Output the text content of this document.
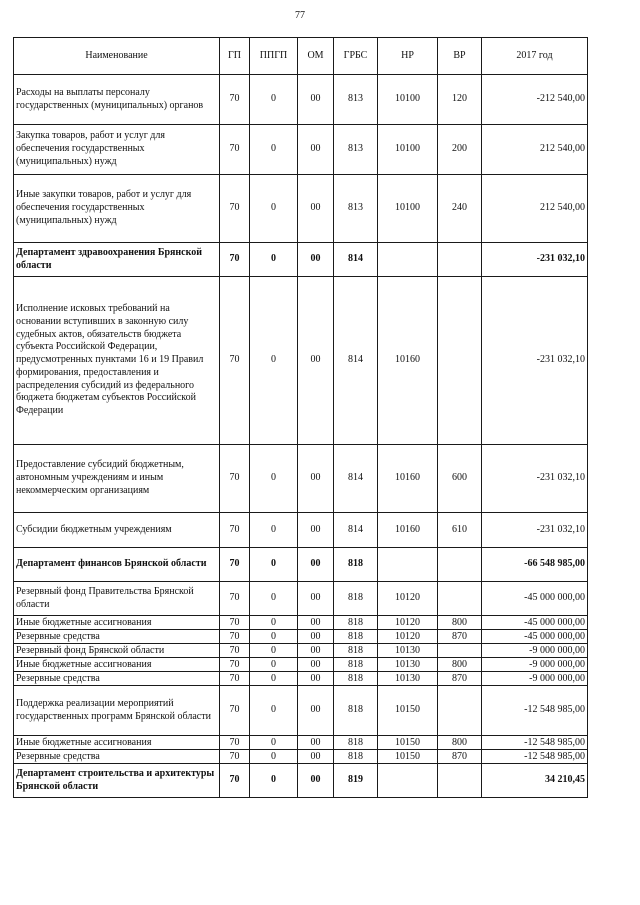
77
Наименование	ГП	ППГП	ОМ	ГРБС	НР	ВР	2017 год
Расходы на выплаты персоналу государственных (муниципальных) органов	70	0	00	813	10100	120	-212 540,00
Закупка товаров, работ и услуг для обеспечения государственных (муниципальных) нужд	70	0	00	813	10100	200	212 540,00
Иные закупки товаров, работ и услуг для обеспечения государственных (муниципальных) нужд	70	0	00	813	10100	240	212 540,00
Департамент здравоохранения Брянской области	70	0	00	814			-231 032,10
Исполнение исковых требований на основании вступивших в законную силу судебных актов, обязательств бюджета субъекта Российской Федерации, предусмотренных пунктами 16 и 19 Правил формирования, предоставления и распределения субсидий из федерального бюджета бюджетам субъектов Российской Федерации	70	0	00	814	10160		-231 032,10
Предоставление субсидий бюджетным, автономным учреждениям и иным некоммерческим организациям	70	0	00	814	10160	600	-231 032,10
Субсидии бюджетным учреждениям	70	0	00	814	10160	610	-231 032,10
Департамент финансов Брянской области	70	0	00	818			-66 548 985,00
Резервный фонд Правительства Брянской области	70	0	00	818	10120		-45 000 000,00
Иные бюджетные ассигнования	70	0	00	818	10120	800	-45 000 000,00
Резервные средства	70	0	00	818	10120	870	-45 000 000,00
Резервный фонд Брянской области	70	0	00	818	10130		-9 000 000,00
Иные бюджетные ассигнования	70	0	00	818	10130	800	-9 000 000,00
Резервные средства	70	0	00	818	10130	870	-9 000 000,00
Поддержка реализации мероприятий государственных программ Брянской области	70	0	00	818	10150		-12 548 985,00
Иные бюджетные ассигнования	70	0	00	818	10150	800	-12 548 985,00
Резервные средства	70	0	00	818	10150	870	-12 548 985,00
Департамент строительства и архитектуры Брянской области	70	0	00	819			34 210,45
